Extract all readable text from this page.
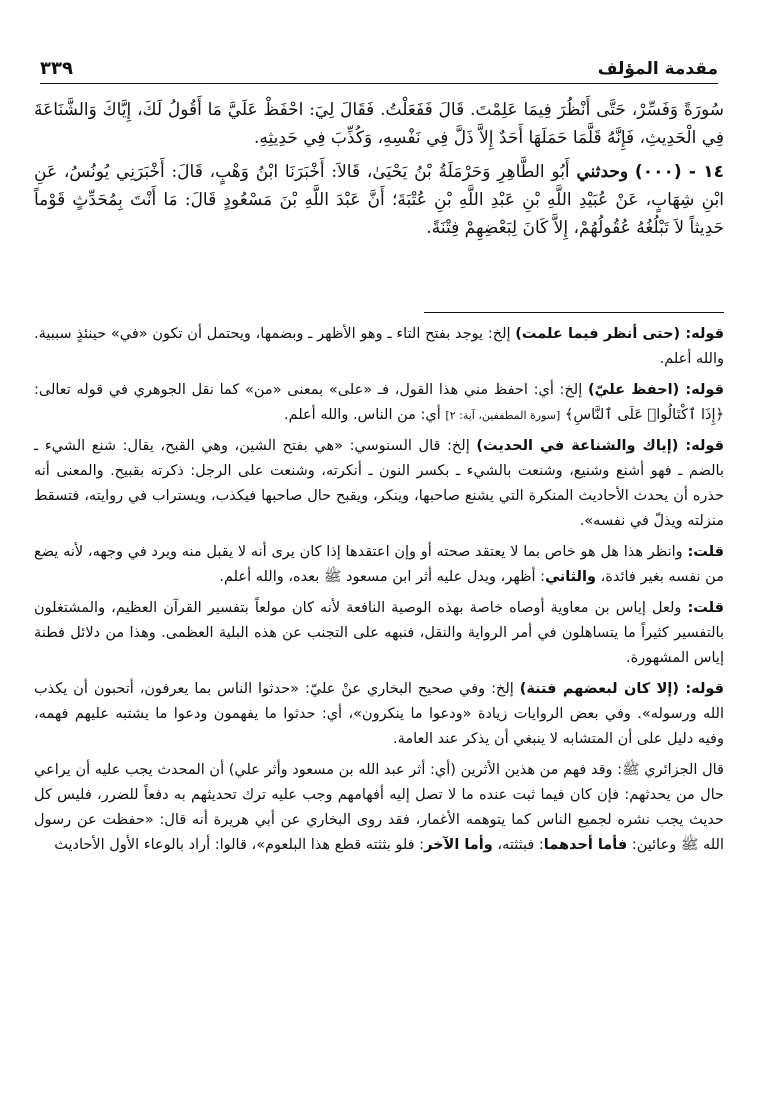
مقدمة المؤلف
٣٣٩

سُورَةً وَفَسِّرْ، حَتَّى أَنْظُرَ فِيمَا عَلِمْتَ. قَالَ فَفَعَلْتُ. فَقَالَ لِيَ: احْفَظْ عَلَيَّ مَا أَقُولُ لَكَ، إِيَّاكَ وَالشَّنَاعَةَ فِي الْحَدِيثِ، فَإِنَّهُ قَلَّمَا حَمَلَهَا أَحَدٌ إِلاَّ ذَلَّ فِي نَفْسِهِ، وَكُذِّبَ فِي حَدِيثِهِ.

١٤ - (٠٠٠) وحدثني أَبُو الطَّاهِرِ وَحَرْمَلَةُ بْنُ يَحْيَىٰ، قَالاَ: أَخْبَرَنَا ابْنُ وَهْبٍ، قَالَ: أَخْبَرَنِي يُونُسُ، عَنِ ابْنِ شِهَابٍ، عَنْ عُبَيْدِ اللَّهِ بْنِ عَبْدِ اللَّهِ بْنِ عُتْبَةَ؛ أَنَّ عَبْدَ اللَّهِ بْنَ مَسْعُودٍ قَالَ: مَا أَنْتَ بِمُحَدِّثٍ قَوْماً حَدِيثاً لاَ تَبْلُغُهُ عُقُولُهُمْ، إِلاَّ كَانَ لِبَعْضِهِمْ فِتْنَةً.

قوله: (حتى أنظر فيما علمت) إلخ: يوجد بفتح التاء ـ وهو الأظهر ـ وبضمها، ويحتمل أن تكون «في» حينئذٍ سببية. والله أعلم.

قوله: (احفظ عليّ) إلخ: أي: احفظ مني هذا القول، فـ «على» بمعنى «من» كما نقل الجوهري في قوله تعالى: ﴿إِذَا ٱكْتَالُوا۟ عَلَى ٱلنَّاسِ﴾ [سورة المطففين، آية: ٢] أي: من الناس. والله أعلم.

قوله: (إياك والشناعة في الحديث) إلخ: قال السنوسي: «هي بفتح الشين، وهي القبح، يقال: شنع الشيء ـ بالضم ـ فهو أشنع وشنيع، وشنعت بالشيء ـ بكسر النون ـ أنكرته، وشنعت على الرجل: ذكرته بقبيح. والمعنى أنه حذره أن يحدث الأحاديث المنكرة التي يشنع صاحبها، وينكر، ويقبح حال صاحبها فيكذب، ويستراب في روايته، فتسقط منزلته ويذلّ في نفسه».

قلت: وانظر هذا هل هو خاص بما لا يعتقد صحته أو وإن اعتقدها إذا كان يرى أنه لا يقبل منه ويرد في وجهه، لأنه يضع من نفسه بغير فائدة، والثاني: أظهر، ويدل عليه أثر ابن مسعود ﷺ بعده، والله أعلم.

قلت: ولعل إياس بن معاوية أوصاه خاصة بهذه الوصية النافعة لأنه كان مولعاً بتفسير القرآن العظيم، والمشتغلون بالتفسير كثيراً ما يتساهلون في أمر الرواية والنقل، فنبهه على التجنب عن هذه البلية العظمى. وهذا من دلائل فطنة إياس المشهورة.

قوله: (إلا كان لبعضهم فتنة) إلخ: وفي صحيح البخاري عنْ عليّ: «حدثوا الناس بما يعرفون، أتحبون أن يكذب الله ورسوله». وفي بعض الروايات زيادة «ودعوا ما ينكرون»، أي: حدثوا ما يفهمون ودعوا ما يشتبه عليهم فهمه، وفيه دليل على أن المتشابه لا ينبغي أن يذكر عند العامة.

قال الجزائري ﷺ: وقد فهم من هذين الأثرين (أي: أثر عبد الله بن مسعود وأثر علي) أن المحدث يجب عليه أن يراعي حال من يحدثهم: فإن كان فيما ثبت عنده ما لا تصل إليه أفهامهم وجب عليه ترك تحديثهم به دفعاً للضرر، فليس كل حديث يجب نشره لجميع الناس كما يتوهمه الأغمار، فقد روى البخاري عن أبي هريرة أنه قال: «حفظت عن رسول الله ﷺ وعائين: فأما أحدهما: فبثثته، وأما الآخر: فلو بثثته قطع هذا البلعوم»، قالوا: أراد بالوعاء الأول الأحاديث
